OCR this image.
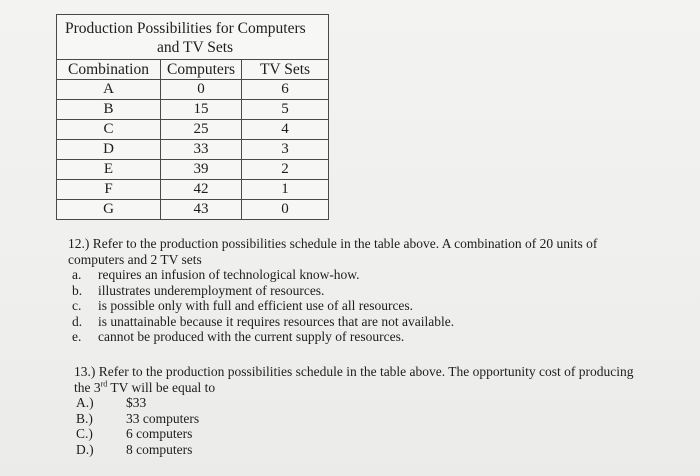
Production Possibilities for Computers
and TV Sets		

Combination	Computers	TV Sets
A	0	6
B	15	5
C	25	4
D	33	3
E	39	2
F	42	1
G	43	0
12.) Refer to the production possibilities schedule in the table above. A combination of 20 units of
computers and 2 TV sets
a.	requires an infusion of technological know-how.
b.	illustrates underemployment of resources.
c.	is possible only with full and efficient use of all resources.
d.	is unattainable because it requires resources that are not available.
e.	cannot be produced with the current supply of resources.
13.) Refer to the production possibilities schedule in the table above. The opportunity cost of producing
the 3rd TV will be equal to
A.)	$33
B.)	33 computers
C.)	6 computers
D.)	8 computers
